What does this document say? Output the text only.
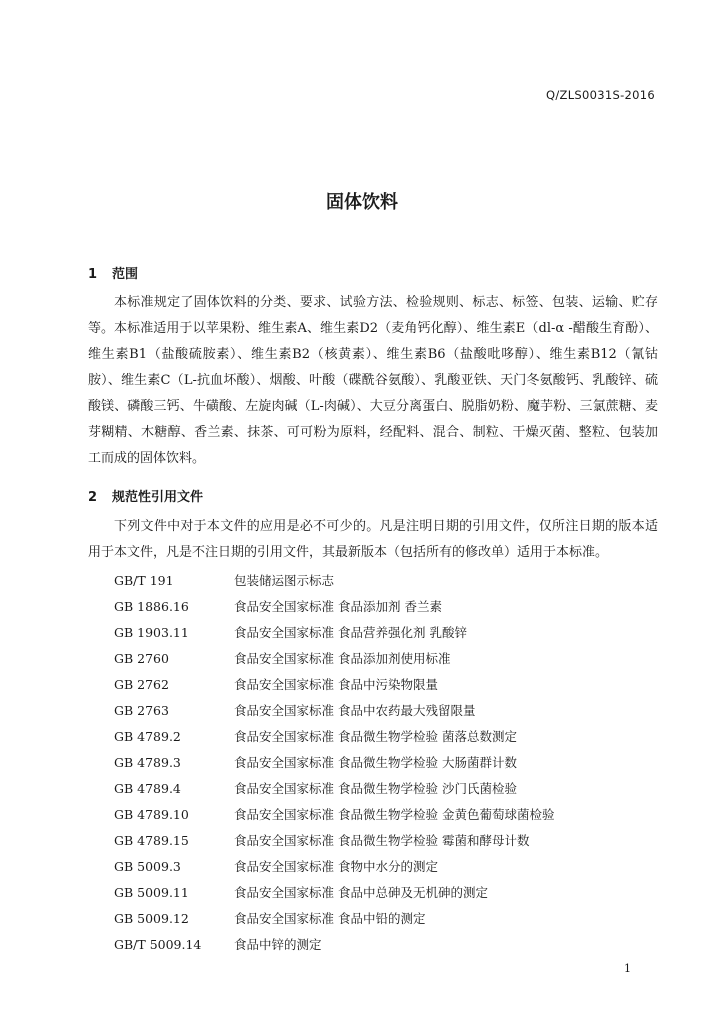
Q/ZLS0031S-2016
固体饮料
1 范围
本标准规定了固体饮料的分类、要求、试验方法、检验规则、标志、标签、包装、运输、贮存等。 本标准适用于以苹果粉、维生素A、维生素D2（麦角钙化醇）、维生素E（dl-α -醋酸生育酚）、维生素B1（盐酸硫胺素）、维生素B2（核黄素）、维生素B6（盐酸吡哆醇）、维生素B12（氰钴胺）、维生素C（L-抗血坏酸）、烟酸、叶酸（碟酰谷氨酸）、乳酸亚铁、天门冬氨酸钙、乳酸锌、硫酸镁、磷酸三钙、牛磺酸、左旋肉碱（L-肉碱）、大豆分离蛋白、脱脂奶粉、魔芋粉、三氯蔗糖、麦芽糊精、木糖醇、香兰素、抹茶、可可粉为原料，经配料、混合、制粒、干燥灭菌、整粒、包装加工而成的固体饮料。
2 规范性引用文件
下列文件中对于本文件的应用是必不可少的。凡是注明日期的引用文件，仅所注日期的版本适用于本文件，凡是不注日期的引用文件，其最新版本（包括所有的修改单）适用于本标准。
GB/T 191	包装储运图示标志
GB 1886.16	食品安全国家标准 食品添加剂 香兰素
GB 1903.11	食品安全国家标准 食品营养强化剂 乳酸锌
GB 2760	食品安全国家标准 食品添加剂使用标准
GB 2762	食品安全国家标准 食品中污染物限量
GB 2763	食品安全国家标准 食品中农药最大残留限量
GB 4789.2	食品安全国家标准 食品微生物学检验 菌落总数测定
GB 4789.3	食品安全国家标准 食品微生物学检验 大肠菌群计数
GB 4789.4	食品安全国家标准 食品微生物学检验 沙门氏菌检验
GB 4789.10	食品安全国家标准 食品微生物学检验 金黄色葡萄球菌检验
GB 4789.15	食品安全国家标准 食品微生物学检验 霉菌和酵母计数
GB 5009.3	食品安全国家标准 食物中水分的测定
GB 5009.11	食品安全国家标准 食品中总砷及无机砷的测定
GB 5009.12	食品安全国家标准 食品中铅的测定
GB/T 5009.14	食品中锌的测定
1
